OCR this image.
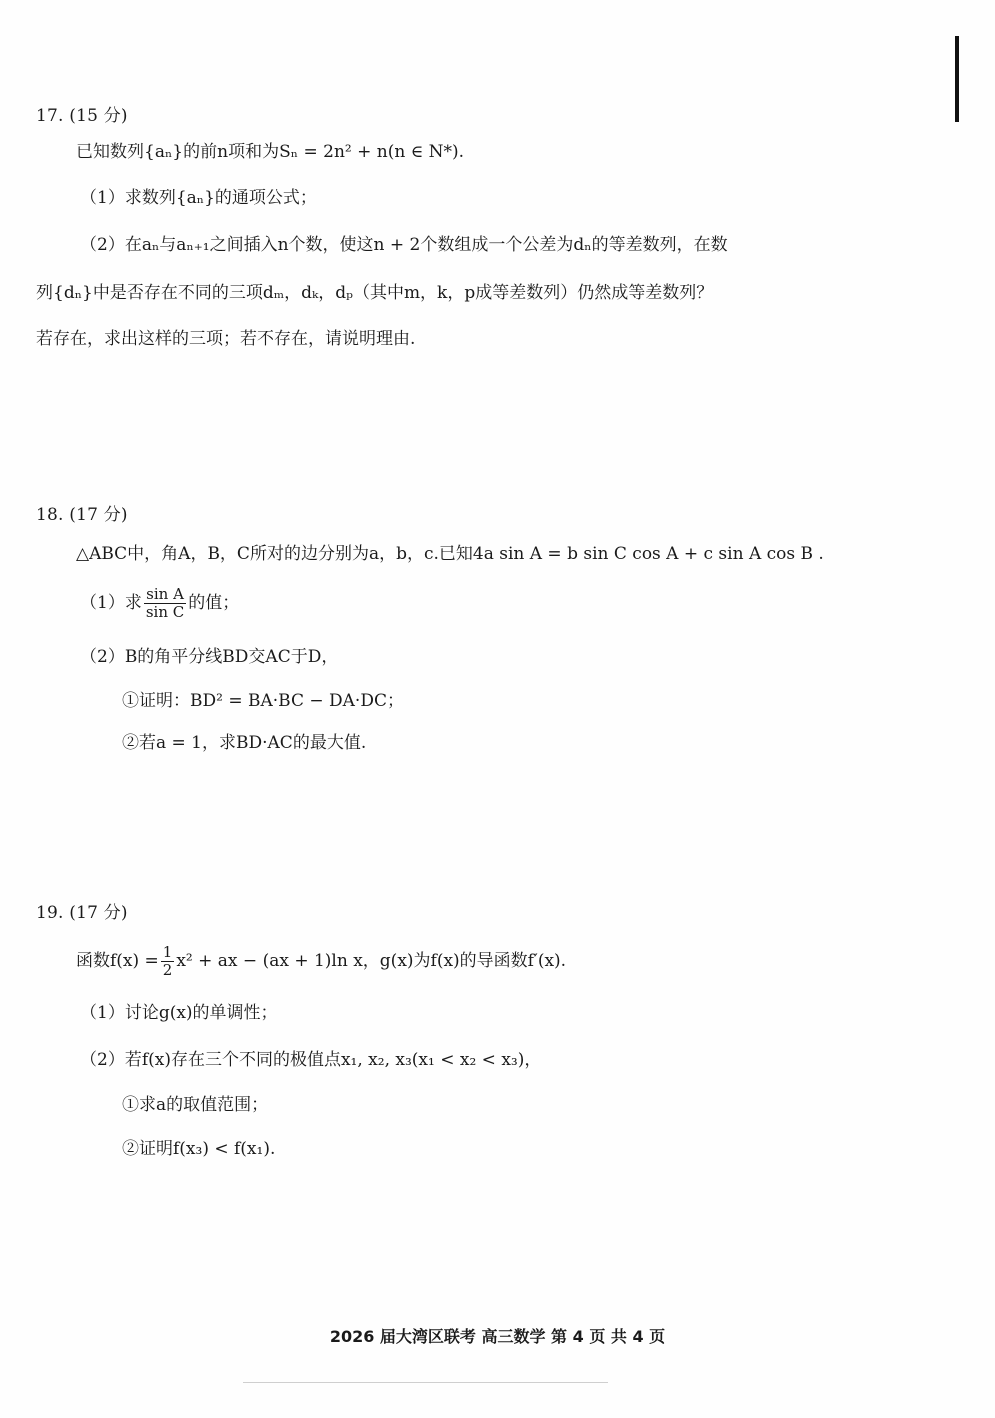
17. (15 分)
已知数列{aₙ}的前n项和为Sₙ = 2n² + n(n ∈ N*).
（1）求数列{aₙ}的通项公式；
（2）在aₙ与aₙ₊₁之间插入n个数，使这n + 2个数组成一个公差为dₙ的等差数列，在数
列{dₙ}中是否存在不同的三项dₘ，dₖ，dₚ（其中m，k，p成等差数列）仍然成等差数列？
若存在，求出这样的三项；若不存在，请说明理由.
18. (17 分)
△ABC中，角A，B，C所对的边分别为a，b，c.已知4a sin A = b sin C cos A + c sin A cos B .
（1）求 $\frac{\text{sin A}}{\text{sin C}}$ 的值；
（2）B的角平分线BD交AC于D，
①证明：BD² = BA·BC − DA·DC；
②若a = 1，求BD·AC的最大值.
19. (17 分)
函数$f(x) = \frac{1}{2} x^2$ + ax − (ax + 1)ln x，g(x)为f(x)的导函数f′(x).
（1）讨论g(x)的单调性；
（2）若f(x)存在三个不同的极值点x₁, x₂, x₃(x₁ < x₂ < x₃)，
①求a的取值范围；
②证明f(x₃) < f(x₁).
2026 届大湾区联考 高三数学 第 4 页 共 4 页
